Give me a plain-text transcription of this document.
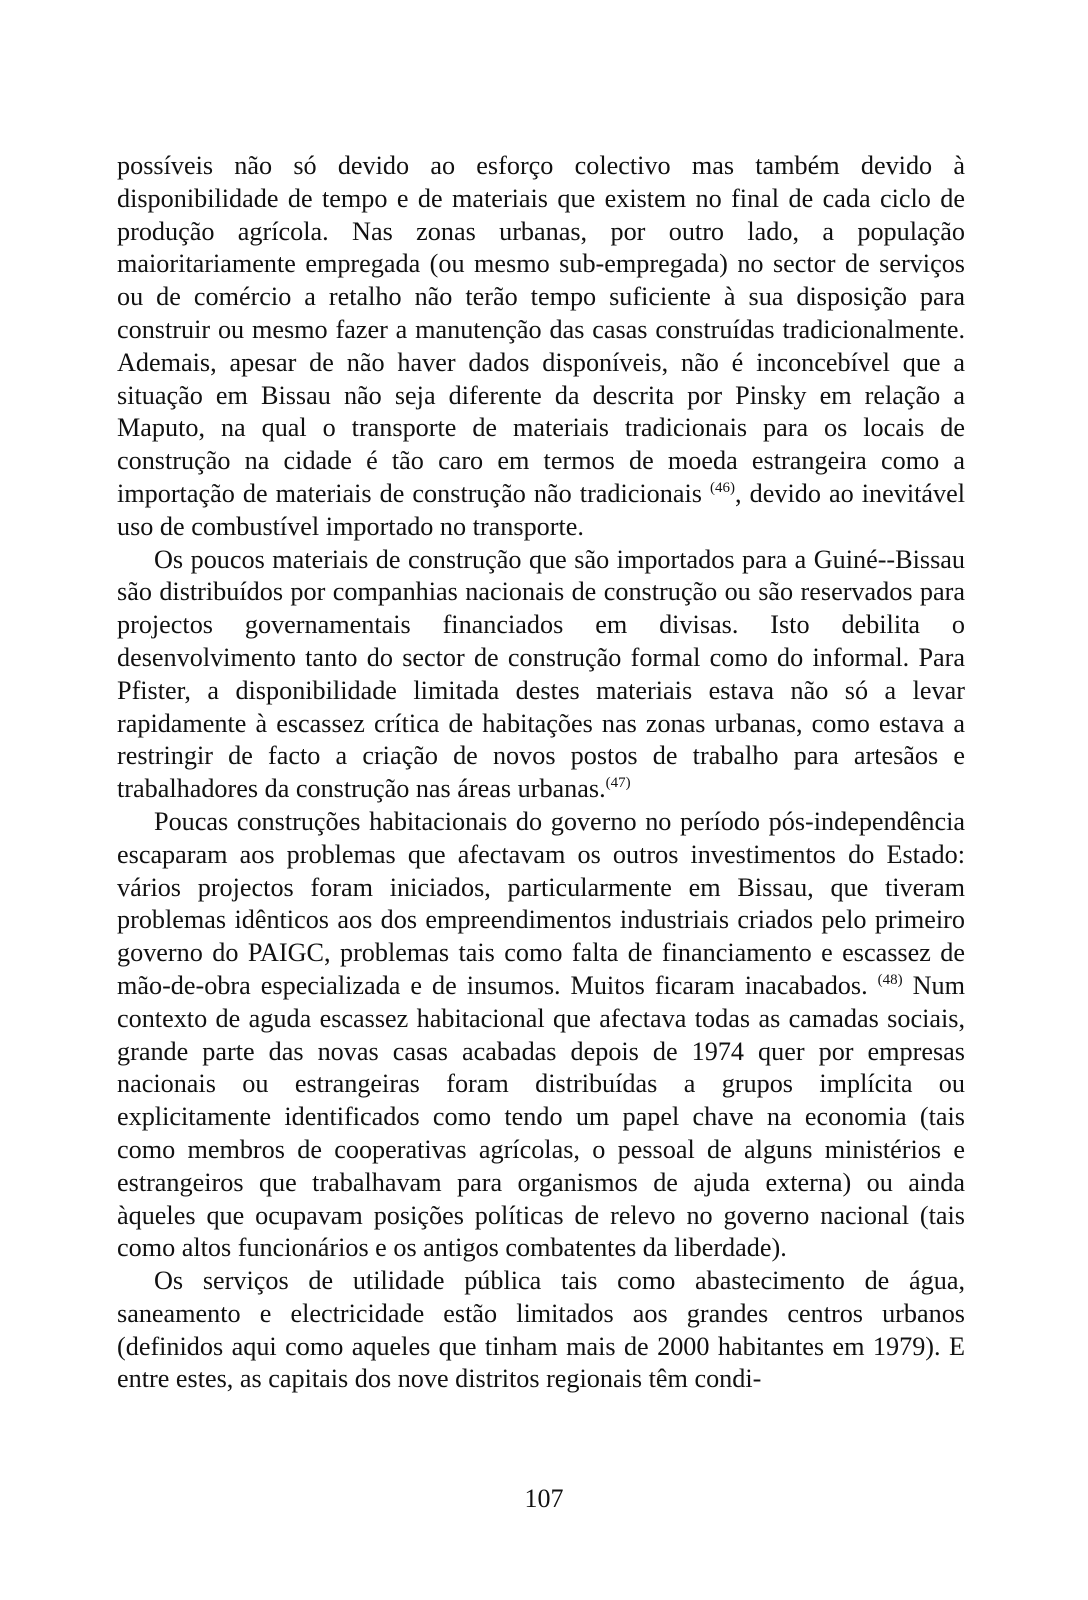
possíveis não só devido ao esforço colectivo mas também devido à disponibilidade de tempo e de materiais que existem no final de cada ciclo de produção agrícola. Nas zonas urbanas, por outro lado, a população maioritariamente empregada (ou mesmo sub-empregada) no sector de serviços ou de comércio a retalho não terão tempo suficiente à sua disposição para construir ou mesmo fazer a manutenção das casas construídas tradicionalmente. Ademais, apesar de não haver dados disponíveis, não é inconcebível que a situação em Bissau não seja diferente da descrita por Pinsky em relação a Maputo, na qual o transporte de materiais tradicionais para os locais de construção na cidade é tão caro em termos de moeda estrangeira como a importação de materiais de construção não tradicionais $^{(46)}$, devido ao inevitável uso de combustível importado no transporte.

Os poucos materiais de construção que são importados para a Guiné--Bissau são distribuídos por companhias nacionais de construção ou são reservados para projectos governamentais financiados em divisas. Isto debilita o desenvolvimento tanto do sector de construção formal como do informal. Para Pfister, a disponibilidade limitada destes materiais estava não só a levar rapidamente à escassez crítica de habitações nas zonas urbanas, como estava a restringir de facto a criação de novos postos de trabalho para artesãos e trabalhadores da construção nas áreas urbanas.$^{(47)}$

Poucas construções habitacionais do governo no período pós-independência escaparam aos problemas que afectavam os outros investimentos do Estado: vários projectos foram iniciados, particularmente em Bissau, que tiveram problemas idênticos aos dos empreendimentos industriais criados pelo primeiro governo do PAIGC, problemas tais como falta de financiamento e escassez de mão-de-obra especializada e de insumos. Muitos ficaram inacabados. $^{(48)}$ Num contexto de aguda escassez habitacional que afectava todas as camadas sociais, grande parte das novas casas acabadas depois de 1974 quer por empresas nacionais ou estrangeiras foram distribuídas a grupos implícita ou explicitamente identificados como tendo um papel chave na economia (tais como membros de cooperativas agrícolas, o pessoal de alguns ministérios e estrangeiros que trabalhavam para organismos de ajuda externa) ou ainda àqueles que ocupavam posições políticas de relevo no governo nacional (tais como altos funcionários e os antigos combatentes da liberdade).

Os serviços de utilidade pública tais como abastecimento de água, saneamento e electricidade estão limitados aos grandes centros urbanos (definidos aqui como aqueles que tinham mais de 2000 habitantes em 1979). E entre estes, as capitais dos nove distritos regionais têm condi-

107
